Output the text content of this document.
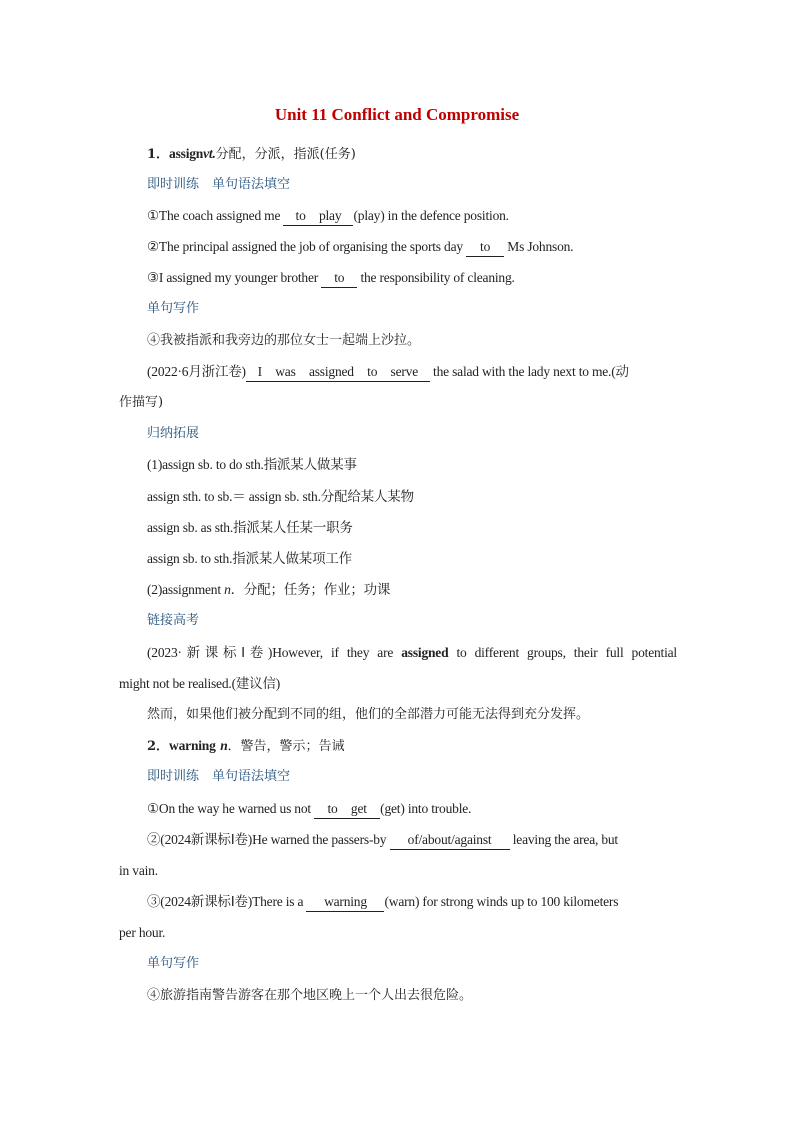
Unit 11 Conflict and Compromise
1．assignvt.分配，分派，指派(任务)
即时训练　单句语法填空
①The coach assigned me to　play (play) in the defence position.
②The principal assigned the job of organising the sports day to Ms Johnson.
③I assigned my younger brother to the responsibility of cleaning.
单句写作
④我被指派和我旁边的那位女士一起端上沙拉。
(2022·6月浙江卷) I　was　assigned　to　serve the salad with the lady next to me.(动
作描写)
归纳拓展
(1)assign sb. to do sth.指派某人做某事
assign sth. to sb.＝ assign sb. sth.分配给某人某物
assign sb. as sth.指派某人任某一职务
assign sb. to sth.指派某人做某项工作
(2)assignment n．分配；任务；作业；功课
链接高考
(2023·新课标Ⅰ卷)However, if they are assigned to different groups, their full potential
might not be realised.(建议信)
然而，如果他们被分配到不同的组，他们的全部潜力可能无法得到充分发挥。
2．warning n．警告，警示；告诫
即时训练　单句语法填空
①On the way he warned us not to　get (get) into trouble.
②(2024新课标Ⅰ卷)He warned the passers-by of/about/against leaving the area, but
in vain.
③(2024新课标Ⅰ卷)There is a warning (warn) for strong winds up to 100 kilometers
per hour.
单句写作
④旅游指南警告游客在那个地区晚上一个人出去很危险。
